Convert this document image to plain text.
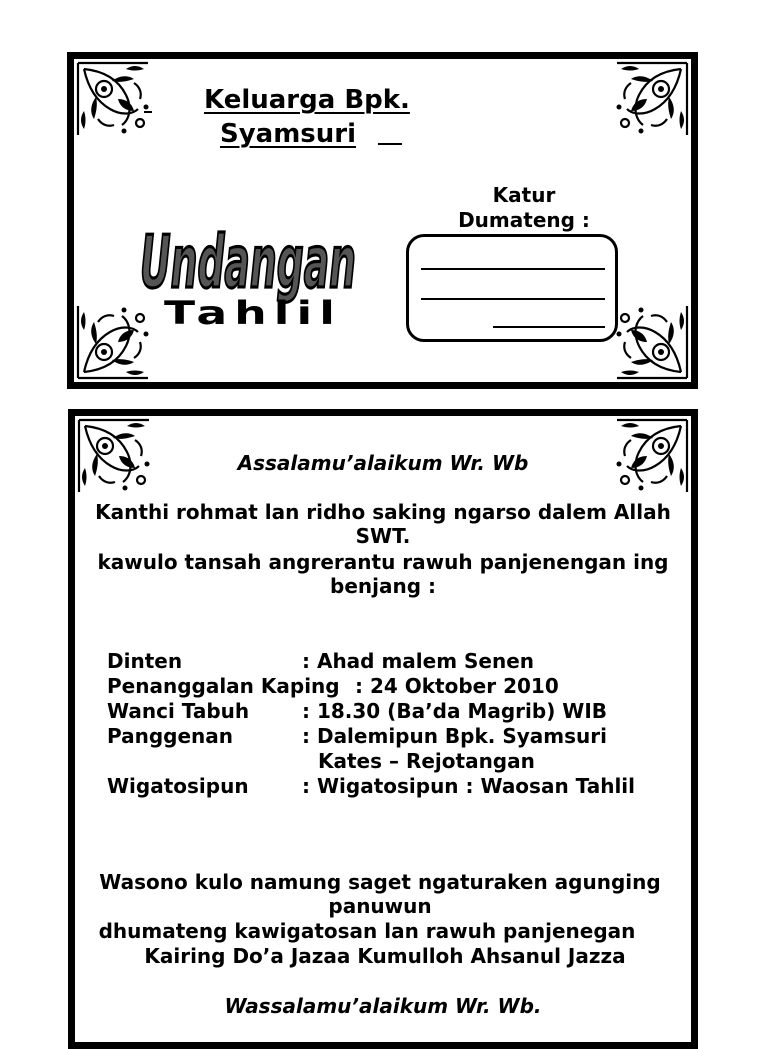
Keluarga Bpk.
Syamsuri
Undangan
Tahlil
Katur
Dumateng :
Assalamu’alaikum Wr. Wb
Kanthi rohmat lan ridho saking ngarso dalem Allah
SWT.
kawulo tansah angrerantu rawuh panjenengan ing
benjang :
Dinten	: Ahad malem Senen
Penanggalan Kaping : 24 Oktober 2010
Wanci Tabuh	: 18.30 (Ba’da Magrib) WIB
Panggenan	: Dalemipun Bpk. Syamsuri
Kates – Rejotangan
Wigatosipun	: Wigatosipun : Waosan Tahlil
Wasono kulo namung saget ngaturaken agunging
panuwun
dhumateng kawigatosan lan rawuh panjenegan
Kairing Do’a Jazaa Kumulloh Ahsanul Jazza
Wassalamu’alaikum Wr. Wb.
